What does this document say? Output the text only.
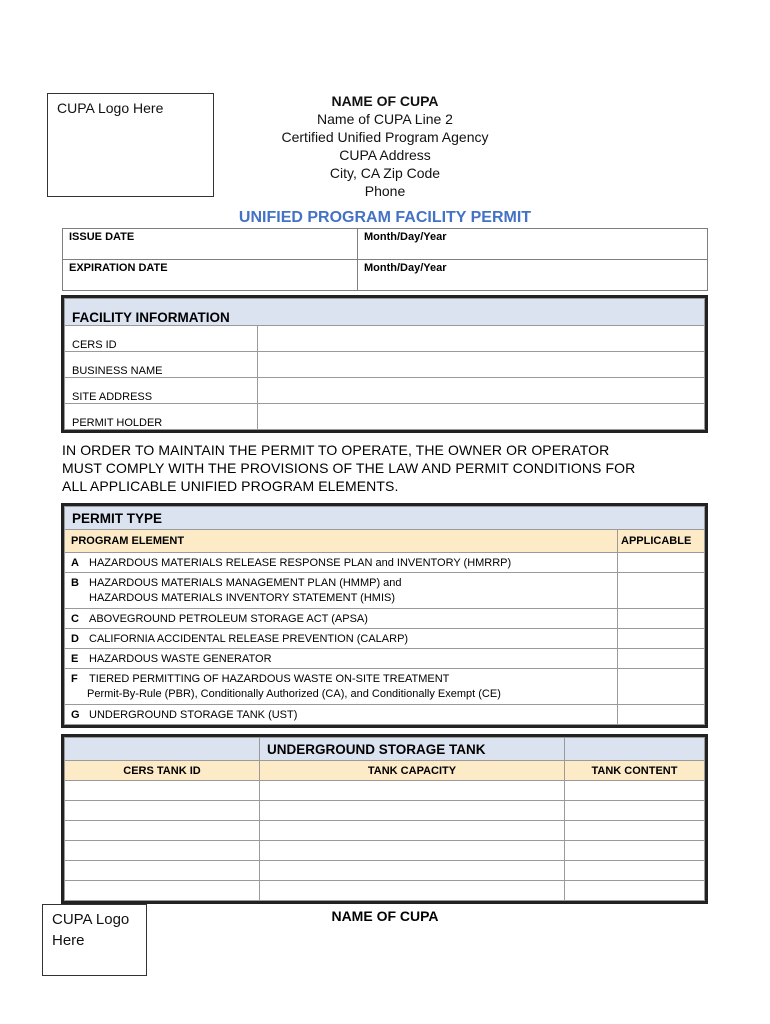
CUPA Logo Here	NAME OF CUPA
Name of CUPA Line 2
Certified Unified Program Agency
CUPA Address
City, CA Zip Code
Phone
UNIFIED PROGRAM FACILITY PERMIT
ISSUE DATE	Month/Day/Year
EXPIRATION DATE	Month/Day/Year
FACILITY INFORMATION	
CERS ID	
BUSINESS NAME	
SITE ADDRESS	
PERMIT HOLDER	
IN ORDER TO MAINTAIN THE PERMIT TO OPERATE, THE OWNER OR OPERATOR
MUST COMPLY WITH THE PROVISIONS OF THE LAW AND PERMIT CONDITIONS FOR
ALL APPLICABLE UNIFIED PROGRAM ELEMENTS.
PERMIT TYPE	
PROGRAM ELEMENT	APPLICABLE
A HAZARDOUS MATERIALS RELEASE RESPONSE PLAN and INVENTORY (HMRRP)	
B HAZARDOUS MATERIALS MANAGEMENT PLAN (HMMP) and
HAZARDOUS MATERIALS INVENTORY STATEMENT (HMIS)	
C ABOVEGROUND PETROLEUM STORAGE ACT (APSA)	
D CALIFORNIA ACCIDENTAL RELEASE PREVENTION (CALARP)	
E HAZARDOUS WASTE GENERATOR	
F TIERED PERMITTING OF HAZARDOUS WASTE ON-SITE TREATMENT
Permit-By-Rule (PBR), Conditionally Authorized (CA), and Conditionally Exempt (CE)	
G UNDERGROUND STORAGE TANK (UST)	
	UNDERGROUND STORAGE TANK	
CERS TANK ID	TANK CAPACITY	TANK CONTENT

CUPA Logo
Here
NAME OF CUPA
